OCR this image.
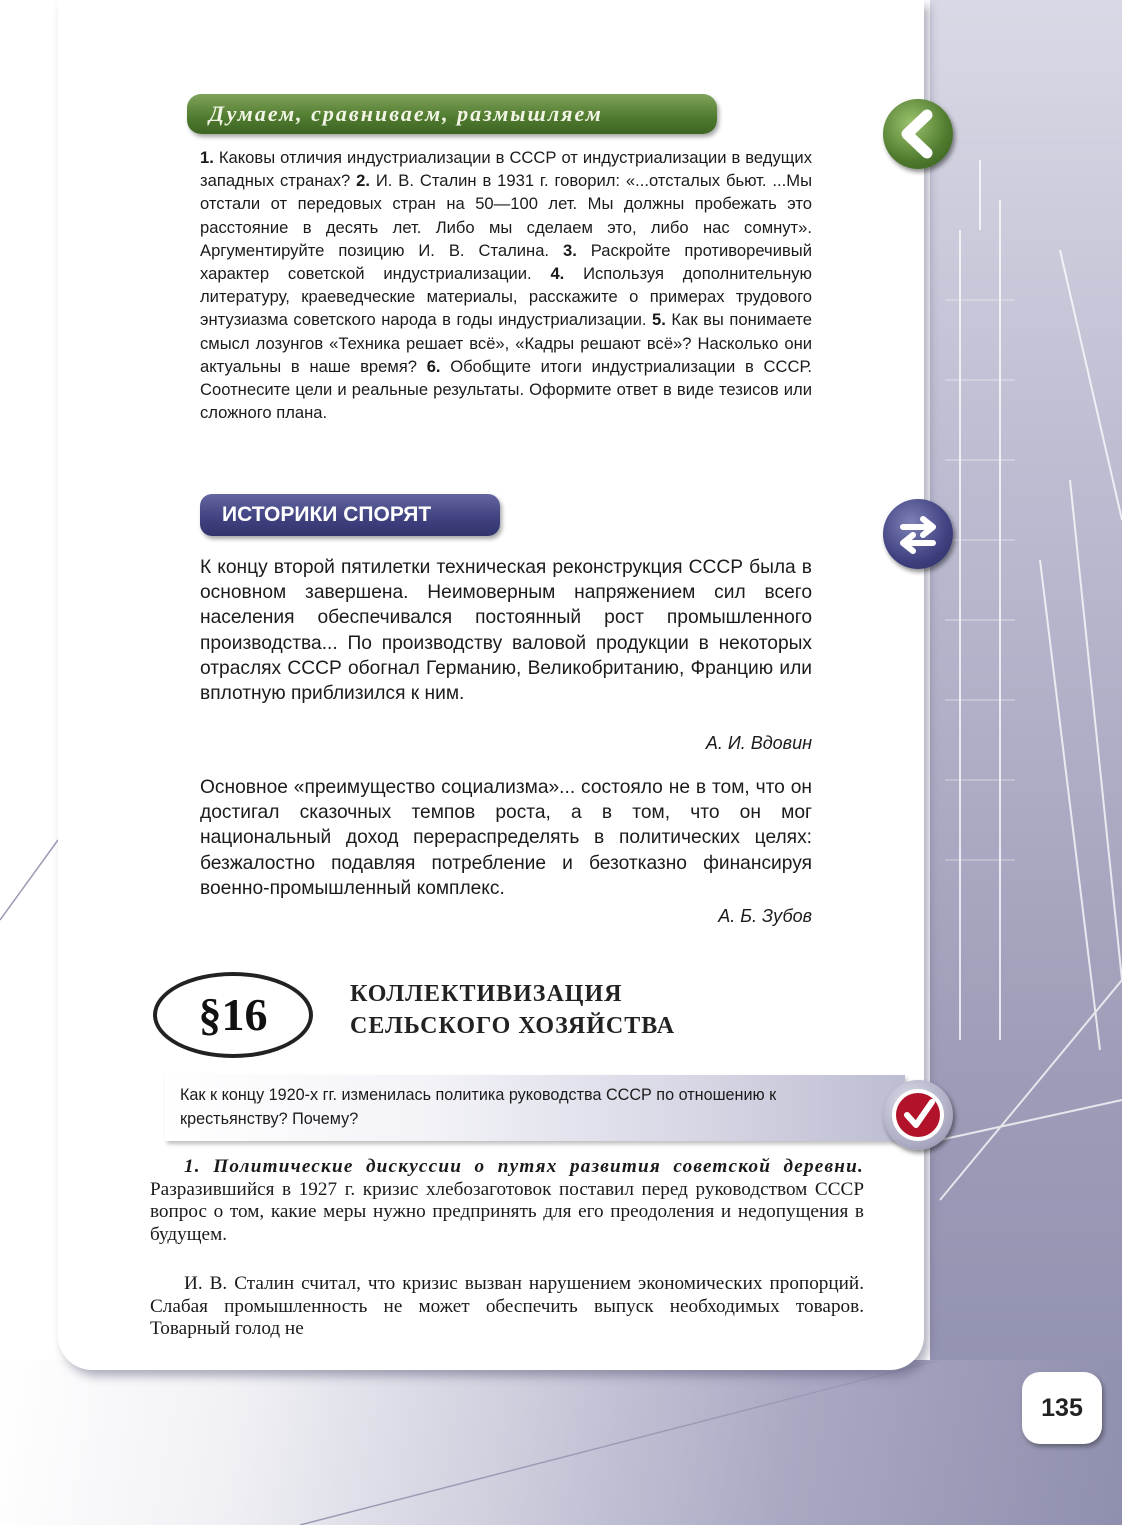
Думаем, сравниваем, размышляем
1. Каковы отличия индустриализации в СССР от индустриализации в ведущих западных странах? 2. И. В. Сталин в 1931 г. говорил: «...отсталых бьют. ...Мы отстали от передовых стран на 50—100 лет. Мы должны пробежать это расстояние в десять лет. Либо мы сделаем это, либо нас сомнут». Аргументируйте позицию И. В. Сталина. 3. Раскройте противоречивый характер советской индустриализации. 4. Используя дополнительную литературу, краеведческие материалы, расскажите о примерах трудового энтузиазма советского народа в годы индустриализации. 5. Как вы понимаете смысл лозунгов «Техника решает всё», «Кадры решают всё»? Насколько они актуальны в наше время? 6. Обобщите итоги индустриализации в СССР. Соотнесите цели и реальные результаты. Оформите ответ в виде тезисов или сложного плана.
ИСТОРИКИ СПОРЯТ
К концу второй пятилетки техническая реконструкция СССР была в основном завершена. Неимоверным напряжением сил всего населения обеспечивался постоянный рост промышленного производства... По производству валовой продукции в некоторых отраслях СССР обогнал Германию, Великобританию, Францию или вплотную приблизился к ним.
А. И. Вдовин
Основное «преимущество социализма»... состояло не в том, что он достигал сказочных темпов роста, а в том, что он мог национальный доход перераспределять в политических целях: безжалостно подавляя потребление и безотказно финансируя военно-промышленный комплекс.
А. Б. Зубов
§16	КОЛЛЕКТИВИЗАЦИЯ
СЕЛЬСКОГО ХОЗЯЙСТВА
Как к концу 1920-х гг. изменилась политика руководства СССР по отношению к крестьянству? Почему?
1. Политические дискуссии о путях развития советской деревни. Разразившийся в 1927 г. кризис хлебозаготовок поставил перед руководством СССР вопрос о том, какие меры нужно предпринять для его преодоления и недопущения в будущем.
И. В. Сталин считал, что кризис вызван нарушением экономических пропорций. Слабая промышленность не может обеспечить выпуск необходимых товаров. Товарный голод не
135
